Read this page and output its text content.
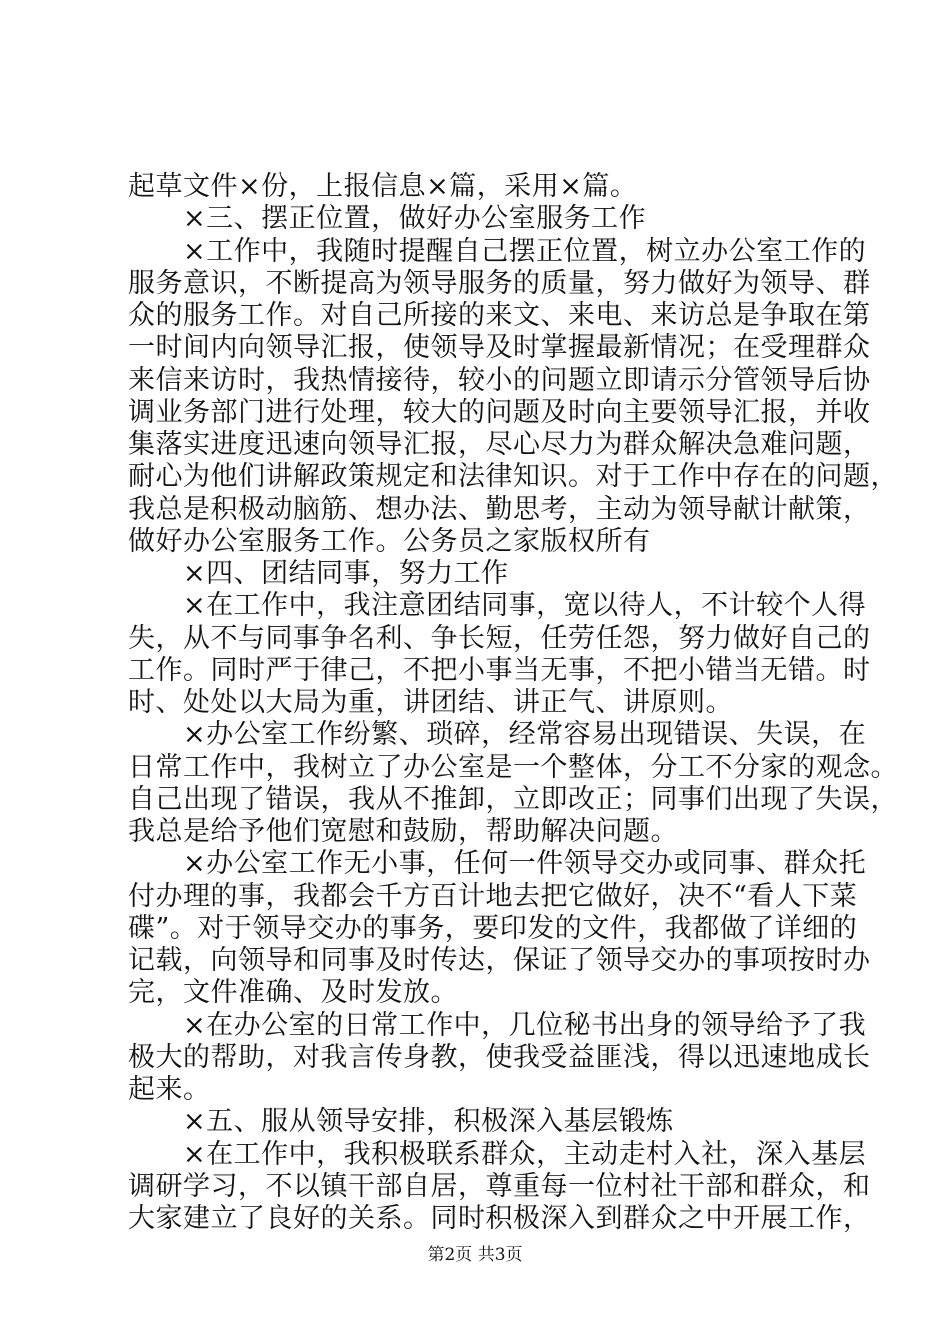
起草文件×份，上报信息×篇，采用×篇。
×三、摆正位置，做好办公室服务工作
×工作中，我随时提醒自己摆正位置，树立办公室工作的
服务意识，不断提高为领导服务的质量，努力做好为领导、群
众的服务工作。对自己所接的来文、来电、来访总是争取在第
一时间内向领导汇报，使领导及时掌握最新情况；在受理群众
来信来访时，我热情接待，较小的问题立即请示分管领导后协
调业务部门进行处理，较大的问题及时向主要领导汇报，并收
集落实进度迅速向领导汇报，尽心尽力为群众解决急难问题，
耐心为他们讲解政策规定和法律知识。对于工作中存在的问题，
我总是积极动脑筋、想办法、勤思考，主动为领导献计献策，
做好办公室服务工作。公务员之家版权所有
×四、团结同事，努力工作
×在工作中，我注意团结同事，宽以待人，不计较个人得
失，从不与同事争名利、争长短，任劳任怨，努力做好自己的
工作。同时严于律己，不把小事当无事，不把小错当无错。时
时、处处以大局为重，讲团结、讲正气、讲原则。
×办公室工作纷繁、琐碎，经常容易出现错误、失误，在
日常工作中，我树立了办公室是一个整体，分工不分家的观念。
自己出现了错误，我从不推卸，立即改正；同事们出现了失误，
我总是给予他们宽慰和鼓励，帮助解决问题。
×办公室工作无小事，任何一件领导交办或同事、群众托
付办理的事，我都会千方百计地去把它做好，决不“看人下菜
碟”。对于领导交办的事务，要印发的文件，我都做了详细的
记载，向领导和同事及时传达，保证了领导交办的事项按时办
完，文件准确、及时发放。
×在办公室的日常工作中，几位秘书出身的领导给予了我
极大的帮助，对我言传身教，使我受益匪浅，得以迅速地成长
起来。
×五、服从领导安排，积极深入基层锻炼
×在工作中，我积极联系群众，主动走村入社，深入基层
调研学习，不以镇干部自居，尊重每一位村社干部和群众，和
大家建立了良好的关系。同时积极深入到群众之中开展工作，
第2页 共3页
